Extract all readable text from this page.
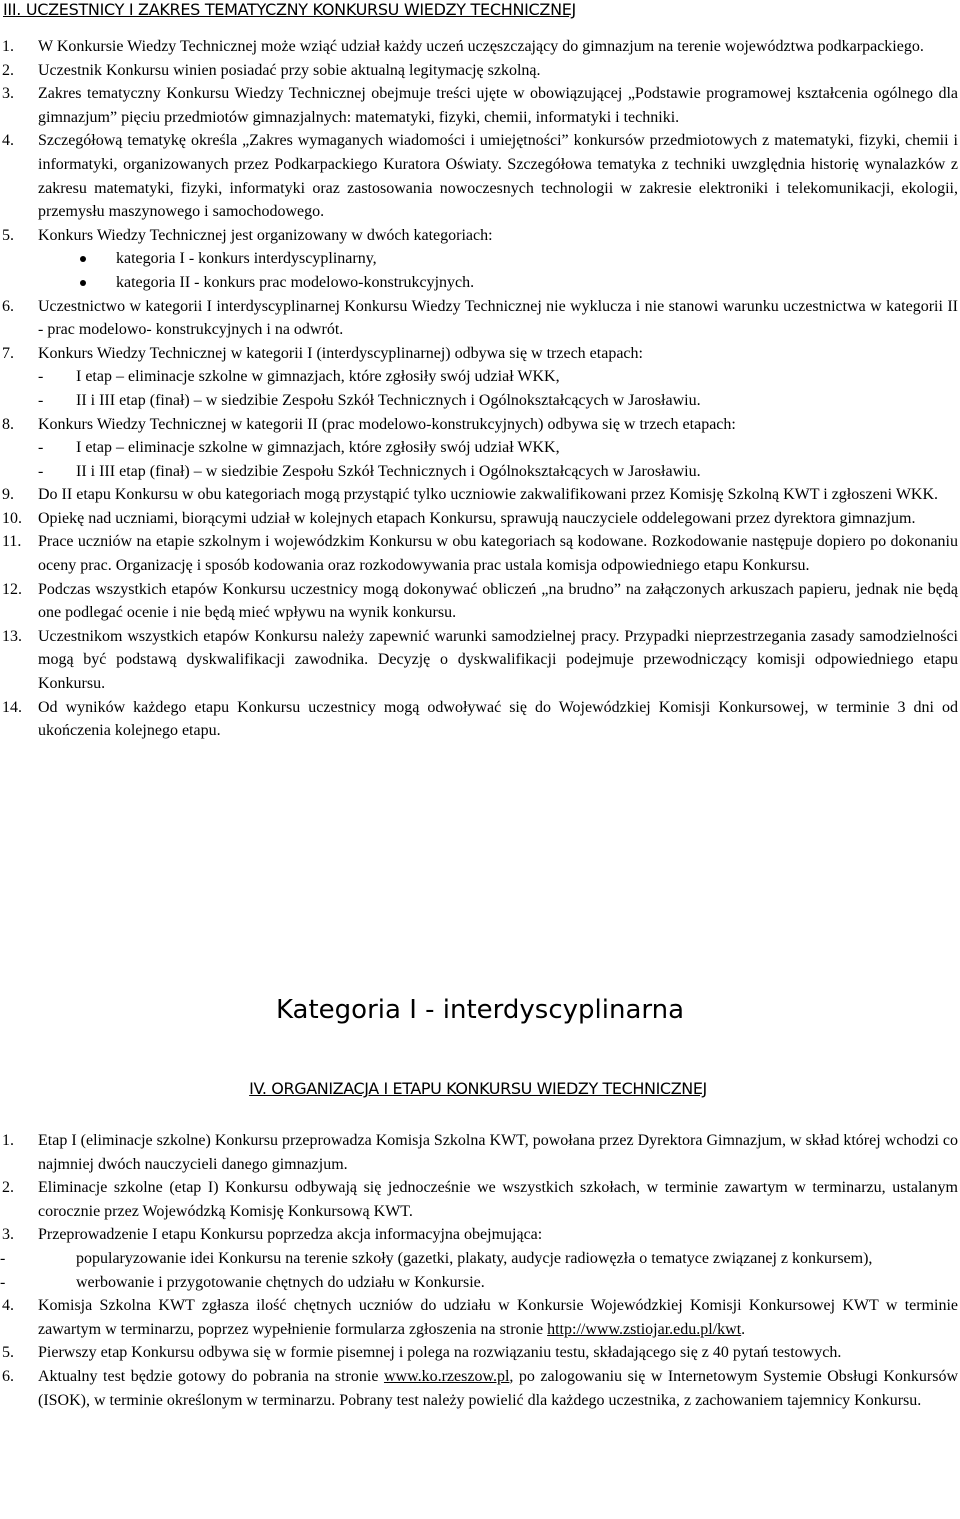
III. UCZESTNICY I ZAKRES TEMATYCZNY KONKURSU WIEDZY TECHNICZNEJ
1.	W Konkursie Wiedzy Technicznej może wziąć udział każdy uczeń uczęszczający do gimnazjum na terenie województwa podkarpackiego.
2.	Uczestnik Konkursu winien posiadać przy sobie aktualną legitymację szkolną.
3.	Zakres tematyczny Konkursu Wiedzy Technicznej obejmuje treści ujęte w obowiązującej „Podstawie programowej kształcenia ogólnego dla gimnazjum” pięciu przedmiotów gimnazjalnych: matematyki, fizyki, chemii, informatyki i techniki.
4.	Szczegółową tematykę określa „Zakres wymaganych wiadomości i umiejętności” konkursów przedmiotowych z matematyki, fizyki, chemii i informatyki, organizowanych przez Podkarpackiego Kuratora Oświaty. Szczegółowa tematyka z techniki uwzględnia historię wynalazków z zakresu matematyki, fizyki, informatyki oraz zastosowania nowoczesnych technologii w zakresie elektroniki i telekomunikacji, ekologii, przemysłu maszynowego i samochodowego.
5.	Konkurs Wiedzy Technicznej jest organizowany w dwóch kategoriach:
kategoria I - konkurs interdyscyplinarny,
kategoria II - konkurs prac modelowo-konstrukcyjnych.
6.	Uczestnictwo w kategorii I interdyscyplinarnej Konkursu Wiedzy Technicznej nie wyklucza i nie stanowi warunku uczestnictwa w kategorii II - prac modelowo- konstrukcyjnych i na odwrót.
7.	Konkurs Wiedzy Technicznej w kategorii I (interdyscyplinarnej) odbywa się w trzech etapach:
- I etap – eliminacje szkolne w gimnazjach, które zgłosiły swój udział WKK,
- II i III etap (finał) – w siedzibie Zespołu Szkół Technicznych i Ogólnokształcących w Jarosławiu.
8.	Konkurs Wiedzy Technicznej w kategorii II (prac modelowo-konstrukcyjnych) odbywa się w trzech etapach:
- I etap – eliminacje szkolne w gimnazjach, które zgłosiły swój udział WKK,
- II i III etap (finał) – w siedzibie Zespołu Szkół Technicznych i Ogólnokształcących w Jarosławiu.
9.	Do II etapu Konkursu w obu kategoriach mogą przystąpić tylko uczniowie zakwalifikowani przez Komisję Szkolną KWT i zgłoszeni WKK.
10.	Opiekę nad uczniami, biorącymi udział w kolejnych etapach Konkursu, sprawują nauczyciele oddelegowani przez dyrektora gimnazjum.
11.	Prace uczniów na etapie szkolnym i wojewódzkim Konkursu w obu kategoriach są kodowane. Rozkodowanie następuje dopiero po dokonaniu oceny prac. Organizację i sposób kodowania oraz rozkodowywania prac ustala komisja odpowiedniego etapu Konkursu.
12.	Podczas wszystkich etapów Konkursu uczestnicy mogą dokonywać obliczeń „na brudno” na załączonych arkuszach papieru, jednak nie będą one podlegać ocenie i nie będą mieć wpływu na wynik konkursu.
13.	Uczestnikom wszystkich etapów Konkursu należy zapewnić warunki samodzielnej pracy. Przypadki nieprzestrzegania zasady samodzielności mogą być podstawą dyskwalifikacji zawodnika. Decyzję o dyskwalifikacji podejmuje przewodniczący komisji odpowiedniego etapu Konkursu.
14.	Od wyników każdego etapu Konkursu uczestnicy mogą odwoływać się do Wojewódzkiej Komisji Konkursowej, w terminie 3 dni od ukończenia kolejnego etapu.
Kategoria I - interdyscyplinarna
IV. ORGANIZACJA I ETAPU KONKURSU WIEDZY TECHNICZNEJ
1.	Etap I (eliminacje szkolne) Konkursu przeprowadza Komisja Szkolna KWT, powołana przez Dyrektora Gimnazjum, w skład której wchodzi co najmniej dwóch nauczycieli danego gimnazjum.
2.	Eliminacje szkolne (etap I) Konkursu odbywają się jednocześnie we wszystkich szkołach, w terminie zawartym w terminarzu, ustalanym corocznie przez Wojewódzką Komisję Konkursową KWT.
3.	Przeprowadzenie I etapu Konkursu poprzedza akcja informacyjna obejmująca:
-	popularyzowanie idei Konkursu na terenie szkoły (gazetki, plakaty, audycje radiowęzła o tematyce związanej z konkursem),
-	werbowanie i przygotowanie chętnych do udziału w Konkursie.
4.	Komisja Szkolna KWT zgłasza ilość chętnych uczniów do udziału w Konkursie Wojewódzkiej Komisji Konkursowej KWT w terminie zawartym w terminarzu, poprzez wypełnienie formularza zgłoszenia na stronie http://www.zstiojar.edu.pl/kwt.
5.	Pierwszy etap Konkursu odbywa się w formie pisemnej i polega na rozwiązaniu testu, składającego się z 40 pytań testowych.
6.	Aktualny test będzie gotowy do pobrania na stronie www.ko.rzeszow.pl, po zalogowaniu się w Internetowym Systemie Obsługi Konkursów (ISOK), w terminie określonym w terminarzu. Pobrany test należy powielić dla każdego uczestnika, z zachowaniem tajemnicy Konkursu.
